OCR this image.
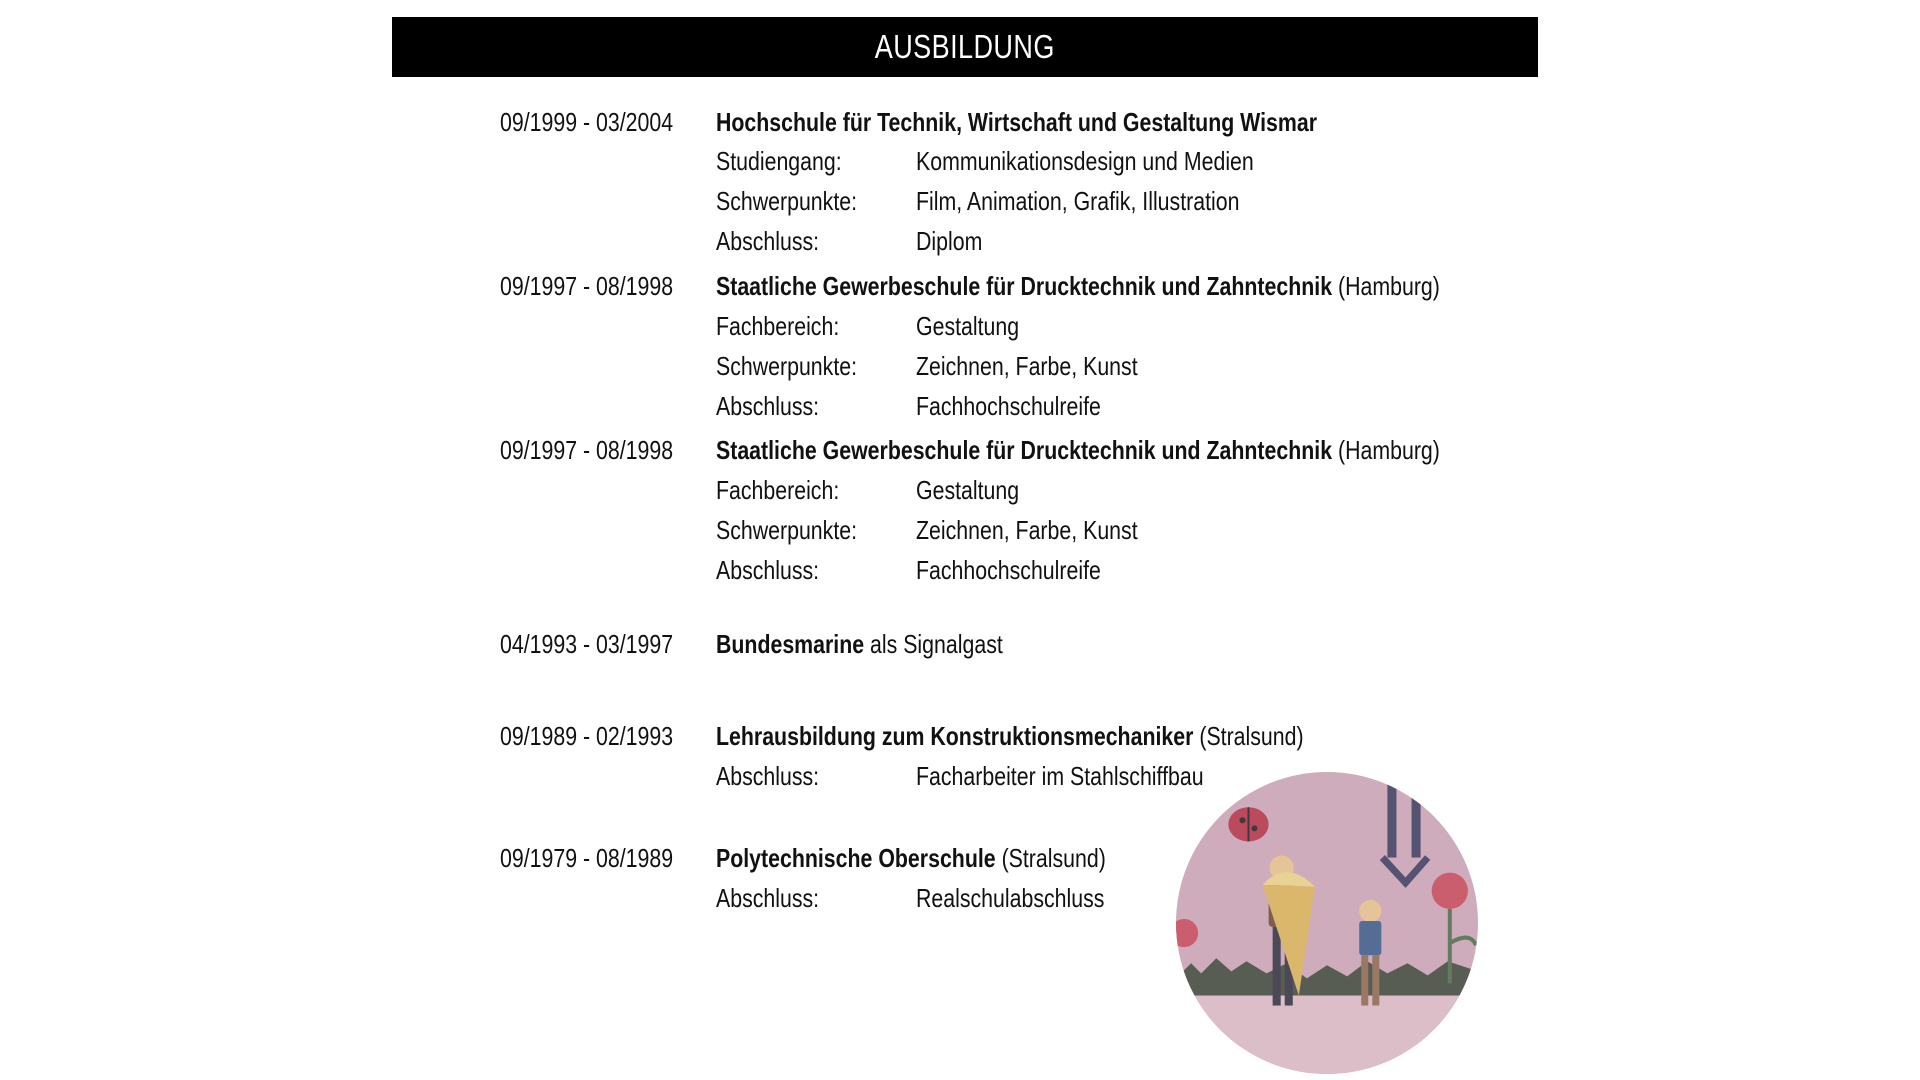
AUSBILDUNG
09/1999 - 03/2004 Hochschule für Technik, Wirtschaft und Gestaltung Wismar
Studiengang:	Kommunikationsdesign und Medien
Schwerpunkte: Film, Animation, Grafik, Illustration
Abschluss:	Diplom
09/1997 - 08/1998 Staatliche Gewerbeschule für Drucktechnik und Zahntechnik (Hamburg)
Fachbereich:	Gestaltung
Schwerpunkte: Zeichnen, Farbe, Kunst
Abschluss:	Fachhochschulreife
09/1997 - 08/1998 Staatliche Gewerbeschule für Drucktechnik und Zahntechnik (Hamburg)
Fachbereich:	Gestaltung
Schwerpunkte: Zeichnen, Farbe, Kunst
Abschluss:	Fachhochschulreife
04/1993 - 03/1997 Bundesmarine als Signalgast
09/1989 - 02/1993 Lehrausbildung zum Konstruktionsmechaniker (Stralsund)
Abschluss:	Facharbeiter im Stahlschiffbau
09/1979 - 08/1989 Polytechnische Oberschule (Stralsund)
Abschluss:	Realschulabschluss
